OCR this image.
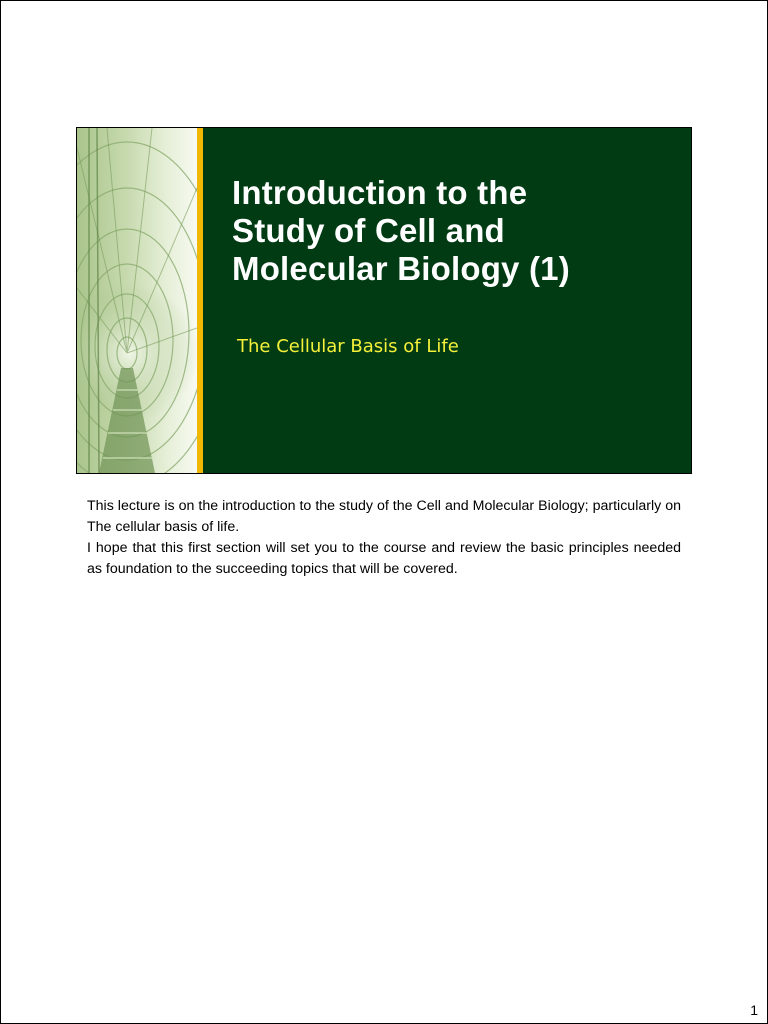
Introduction to the
Study of Cell and
Molecular Biology (1)

The Cellular Basis of Life

This lecture is on the introduction to the study of the Cell and Molecular Biology; particularly on The cellular basis of life.

I hope that this first section will set you to the course and review the basic principles needed as foundation to the succeeding topics that will be covered.

1
